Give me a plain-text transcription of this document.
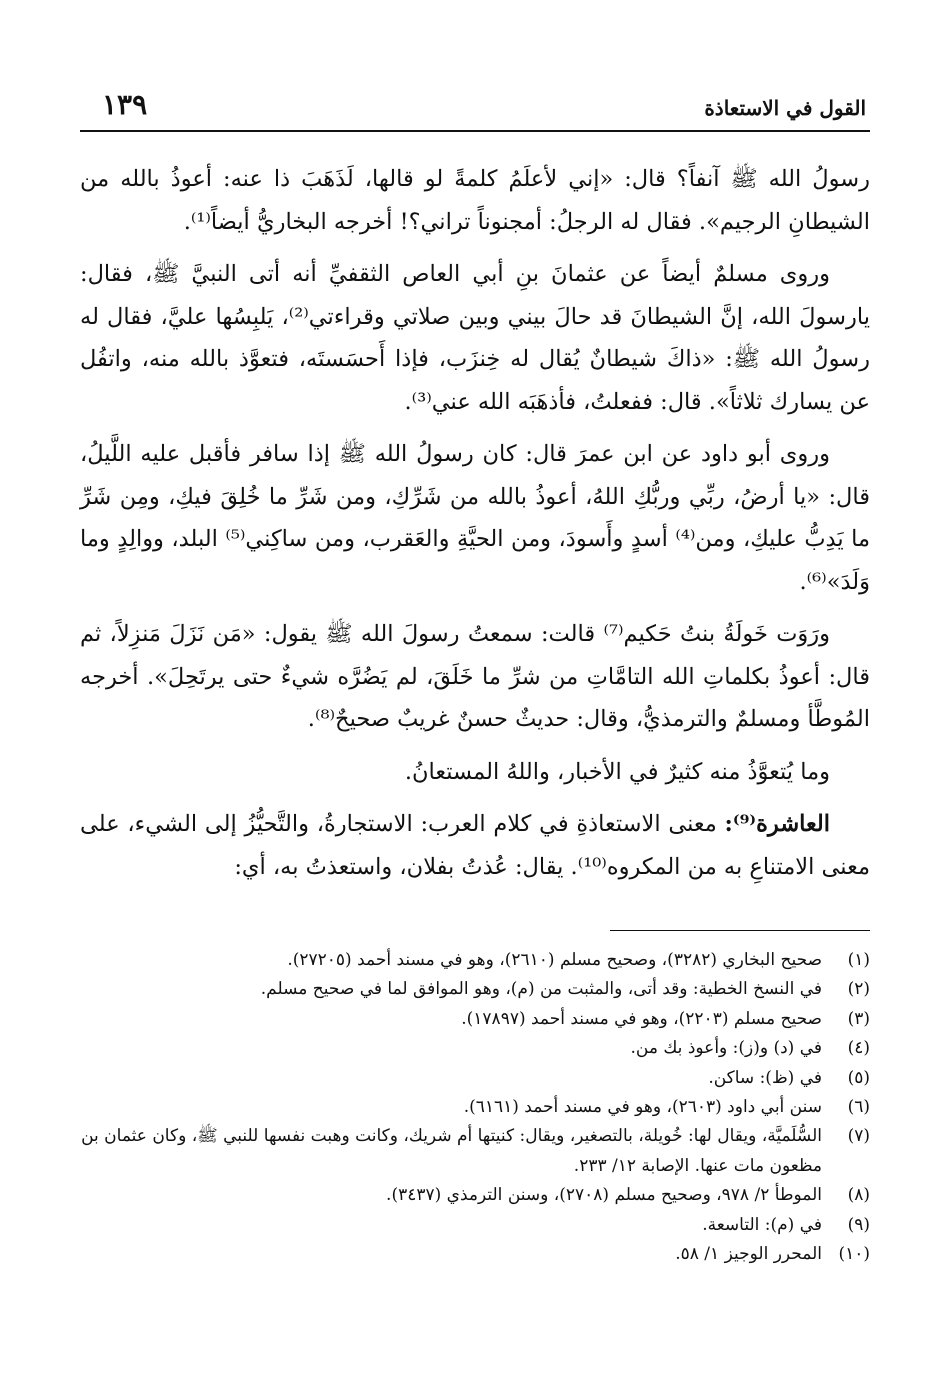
القول في الاستعاذة
١٣٩

رسولُ الله ﷺ آنفاً؟ قال: «إني لأعلَمُ كلمةً لو قالها، لَذَهَبَ ذا عنه: أعوذُ بالله من الشيطانِ الرجيم». فقال له الرجلُ: أمجنوناً تراني؟! أخرجه البخاريُّ أيضاً⁽¹⁾.

وروى مسلمٌ أيضاً عن عثمانَ بنِ أبي العاص الثقفيِّ أنه أتى النبيَّ ﷺ، فقال: يارسولَ الله، إنَّ الشيطانَ قد حالَ بيني وبين صلاتي وقراءتي⁽²⁾، يَلبِسُها عليَّ، فقال له رسولُ الله ﷺ: «ذاكَ شيطانٌ يُقال له خِنزَب، فإذا أَحسَستَه، فتعوَّذ بالله منه، واتفُل عن يسارك ثلاثاً». قال: ففعلتُ، فأذهَبَه الله عني⁽³⁾.

وروى أبو داود عن ابن عمرَ قال: كان رسولُ الله ﷺ إذا سافر فأقبل عليه اللَّيلُ، قال: «يا أرضُ، ربِّي وربُّكِ اللهُ، أعوذُ بالله من شَرِّكِ، ومن شَرِّ ما خُلِقَ فيكِ، ومِن شَرِّ ما يَدِبُّ عليكِ، ومن⁽⁴⁾ أسدٍ وأَسودَ، ومن الحيَّةِ والعَقرب، ومن ساكِني⁽⁵⁾ البلد، ووالِدٍ وما وَلَدَ»⁽⁶⁾.

ورَوَت خَولَةُ بنتُ حَكيم⁽⁷⁾ قالت: سمعتُ رسولَ الله ﷺ يقول: «مَن نَزَلَ مَنزِلاً، ثم قال: أعوذُ بكلماتِ الله التامَّاتِ من شرِّ ما خَلَقَ، لم يَضُرَّه شيءٌ حتى يرتَحِلَ». أخرجه المُوطَّأ ومسلمٌ والترمذيُّ، وقال: حديثٌ حسنٌ غريبٌ صحيحٌ⁽⁸⁾.

وما يُتعوَّذُ منه كثيرٌ في الأخبار، واللهُ المستعانُ.

العاشرة⁽⁹⁾: معنى الاستعاذةِ في كلام العرب: الاستجارةُ، والتَّحيُّزُ إلى الشيء، على معنى الامتناعِ به من المكروه⁽¹⁰⁾. يقال: عُذتُ بفلان، واستعذتُ به، أي:

(١)
صحيح البخاري (٣٢٨٢)، وصحيح مسلم (٢٦١٠)، وهو في مسند أحمد (٢٧٢٠٥).
(٢)
في النسخ الخطية: وقد أتى، والمثبت من (م)، وهو الموافق لما في صحيح مسلم.
(٣)
صحيح مسلم (٢٢٠٣)، وهو في مسند أحمد (١٧٨٩٧).
(٤)
في (د) و(ز): وأعوذ بك من.
(٥)
في (ظ): ساكن.
(٦)
سنن أبي داود (٢٦٠٣)، وهو في مسند أحمد (٦١٦١).
(٧)
السُّلَميَّة، ويقال لها: خُويلة، بالتصغير، ويقال: كنيتها أم شريك، وكانت وهبت نفسها للنبي ﷺ، وكان عثمان بن مظعون مات عنها. الإصابة ١٢/ ٢٣٣.
(٨)
الموطأ ٢/ ٩٧٨، وصحيح مسلم (٢٧٠٨)، وسنن الترمذي (٣٤٣٧).
(٩)
في (م): التاسعة.
(١٠)
المحرر الوجيز ١/ ٥٨.
